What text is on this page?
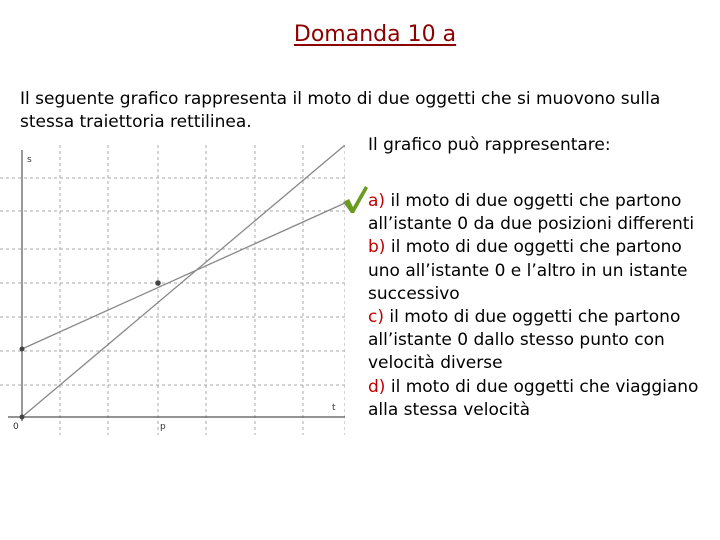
Domanda 10 a
Il seguente grafico rappresenta il moto di due oggetti che si muovono sulla stessa traiettoria rettilinea.
Il grafico può rappresentare:
a) il moto di due oggetti che partono all’istante 0 da due posizioni differenti
b) il moto di due oggetti che partono uno all’istante 0 e l’altro in un istante successivo
c) il moto di due oggetti che partono all’istante 0 dallo stesso punto con velocità diverse
d) il moto di due oggetti che viaggiano alla stessa velocità
s
t
0	p
